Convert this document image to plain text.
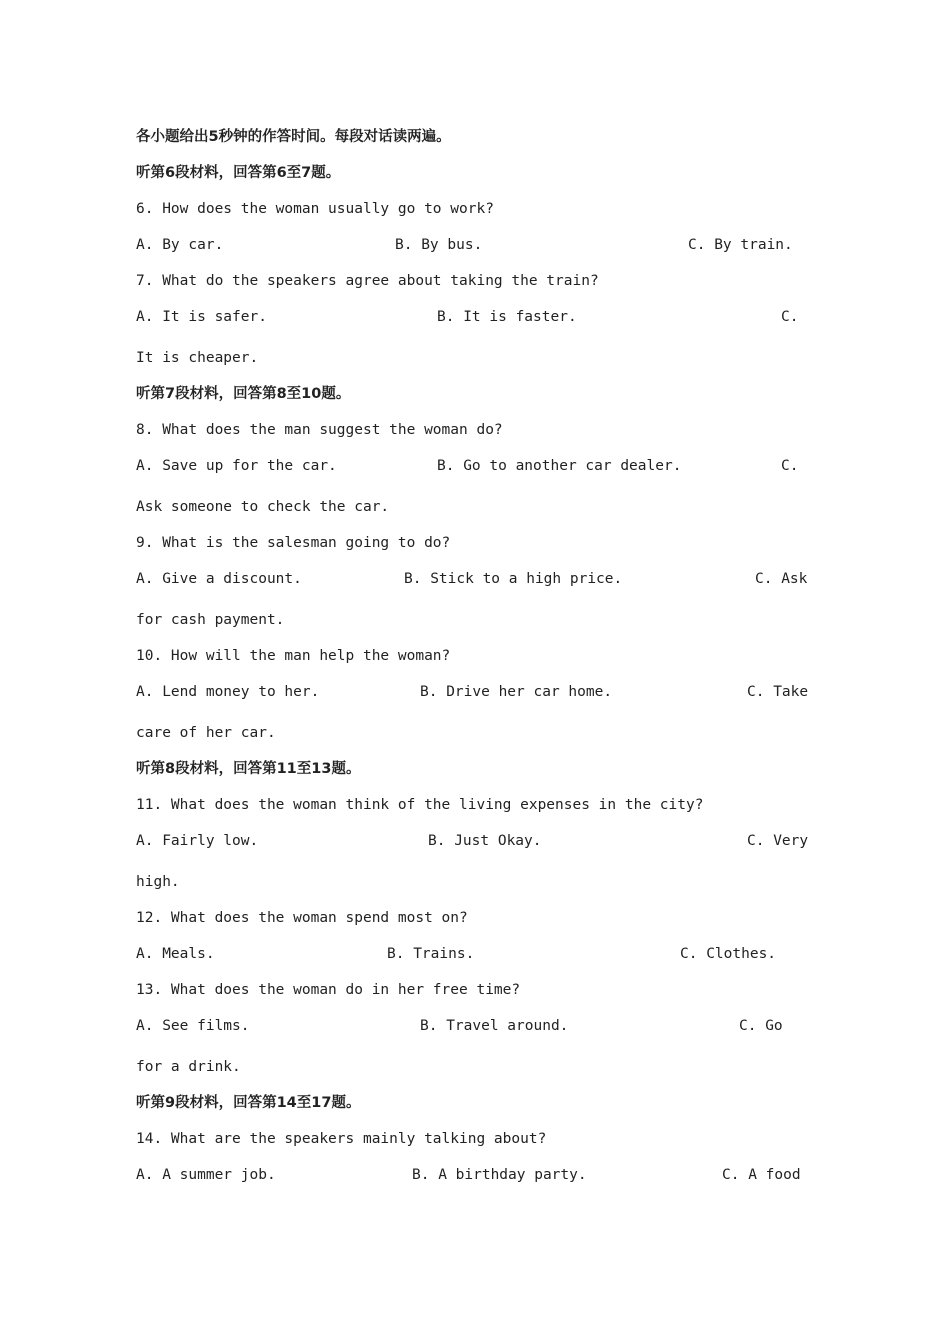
各小题给出5秒钟的作答时间。每段对话读两遍。
听第6段材料，回答第6至7题。
6. How does the woman usually go to work?

A. By car.

	B. By bus.

	C. By train.

7. What do the speakers agree about taking the train?

A. It is safer.

	B. It is faster.

	C.

It is cheaper.
听第7段材料，回答第8至10题。
8. What does the man suggest the woman do?

A. Save up for the car.

	B. Go to another car dealer.

	C.

Ask someone to check the car.
9. What is the salesman going to do?

A. Give a discount.

	B. Stick to a high price.

	C. Ask

for cash payment.
10. How will the man help the woman?

A. Lend money to her.

	B. Drive her car home.

	C. Take

care of her car.
听第8段材料，回答第11至13题。
11. What does the woman think of the living expenses in the city?

A. Fairly low.

	B. Just Okay.

	C. Very

high.
12. What does the woman spend most on?

A. Meals.

	B. Trains.

	C. Clothes.

13. What does the woman do in her free time?

A. See films.

	B. Travel around.

	C. Go

for a drink.
听第9段材料，回答第14至17题。
14. What are the speakers mainly talking about?

A. A summer job.

	B. A birthday party.

	C. A food
